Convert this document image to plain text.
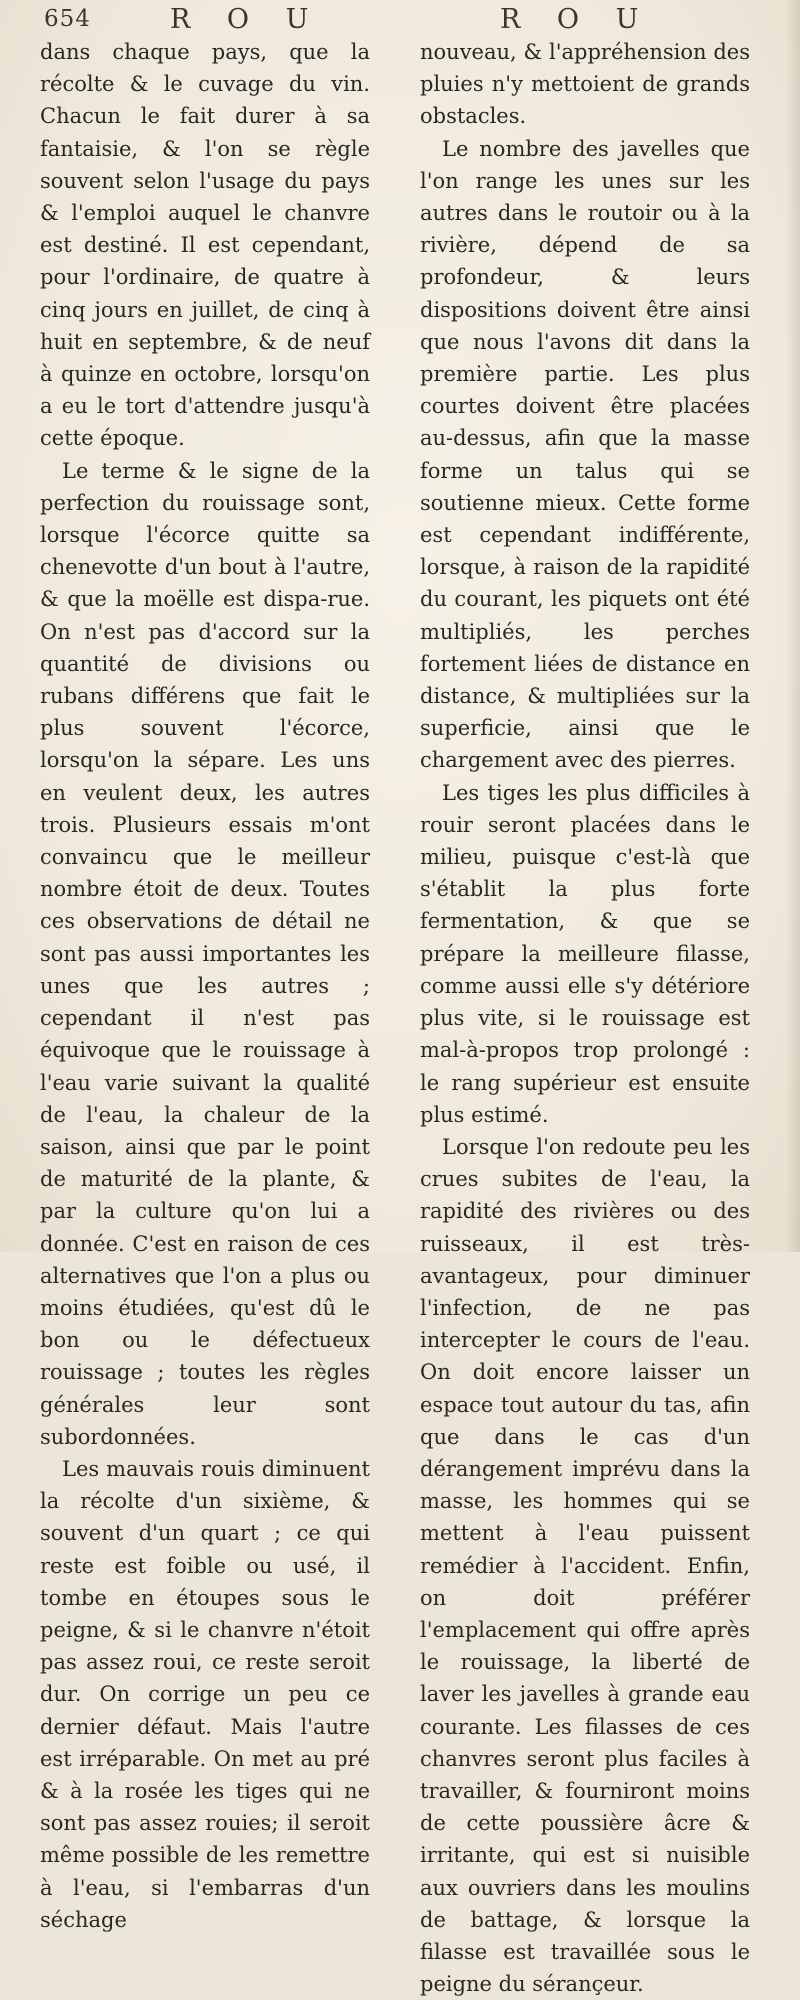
654	R O U	R O U

dans chaque pays, que la récolte & le cuvage du vin. Chacun le fait durer à sa fantaisie, & l'on se règle souvent selon l'usage du pays & l'emploi auquel le chanvre est destiné. Il est cependant, pour l'ordinaire, de quatre à cinq jours en juillet, de cinq à huit en septembre, & de neuf à quinze en octobre, lorsqu'on a eu le tort d'attendre jusqu'à cette époque.

Le terme & le signe de la perfection du rouissage sont, lorsque l'écorce quitte sa chenevotte d'un bout à l'autre, & que la moëlle est dispa-rue. On n'est pas d'accord sur la quantité de divisions ou rubans différens que fait le plus souvent l'écorce, lorsqu'on la sépare. Les uns en veulent deux, les autres trois. Plusieurs essais m'ont convaincu que le meilleur nombre étoit de deux. Toutes ces observations de détail ne sont pas aussi importantes les unes que les autres ; cependant il n'est pas équivoque que le rouissage à l'eau varie suivant la qualité de l'eau, la chaleur de la saison, ainsi que par le point de maturité de la plante, & par la culture qu'on lui a donnée. C'est en raison de ces alternatives que l'on a plus ou moins étudiées, qu'est dû le bon ou le défectueux rouissage ; toutes les règles générales leur sont subordonnées.

Les mauvais rouis diminuent la récolte d'un sixième, & souvent d'un quart ; ce qui reste est foible ou usé, il tombe en étoupes sous le peigne, & si le chanvre n'étoit pas assez roui, ce reste seroit dur. On corrige un peu ce dernier défaut. Mais l'autre est irréparable. On met au pré & à la rosée les tiges qui ne sont pas assez rouies; il seroit même possible de les remettre à l'eau, si l'embarras d'un séchage

nouveau, & l'appréhension des pluies n'y mettoient de grands obstacles.

Le nombre des javelles que l'on range les unes sur les autres dans le routoir ou à la rivière, dépend de sa profondeur, & leurs dispositions doivent être ainsi que nous l'avons dit dans la première partie. Les plus courtes doivent être placées au-dessus, afin que la masse forme un talus qui se soutienne mieux. Cette forme est cependant indifférente, lorsque, à raison de la rapidité du courant, les piquets ont été multipliés, les perches fortement liées de distance en distance, & multipliées sur la superficie, ainsi que le chargement avec des pierres.

Les tiges les plus difficiles à rouir seront placées dans le milieu, puisque c'est-là que s'établit la plus forte fermentation, & que se prépare la meilleure filasse, comme aussi elle s'y détériore plus vite, si le rouissage est mal-à-propos trop prolongé : le rang supérieur est ensuite plus estimé.

Lorsque l'on redoute peu les crues subites de l'eau, la rapidité des rivières ou des ruisseaux, il est très-avantageux, pour diminuer l'infection, de ne pas intercepter le cours de l'eau. On doit encore laisser un espace tout autour du tas, afin que dans le cas d'un dérangement imprévu dans la masse, les hommes qui se mettent à l'eau puissent remédier à l'accident. Enfin, on doit préférer l'emplacement qui offre après le rouissage, la liberté de laver les javelles à grande eau courante. Les filasses de ces chanvres seront plus faciles à travailler, & fourniront moins de cette poussière âcre & irritante, qui est si nuisible aux ouvriers dans les moulins de battage, & lorsque la filasse est travaillée sous le peigne du sérançeur.
